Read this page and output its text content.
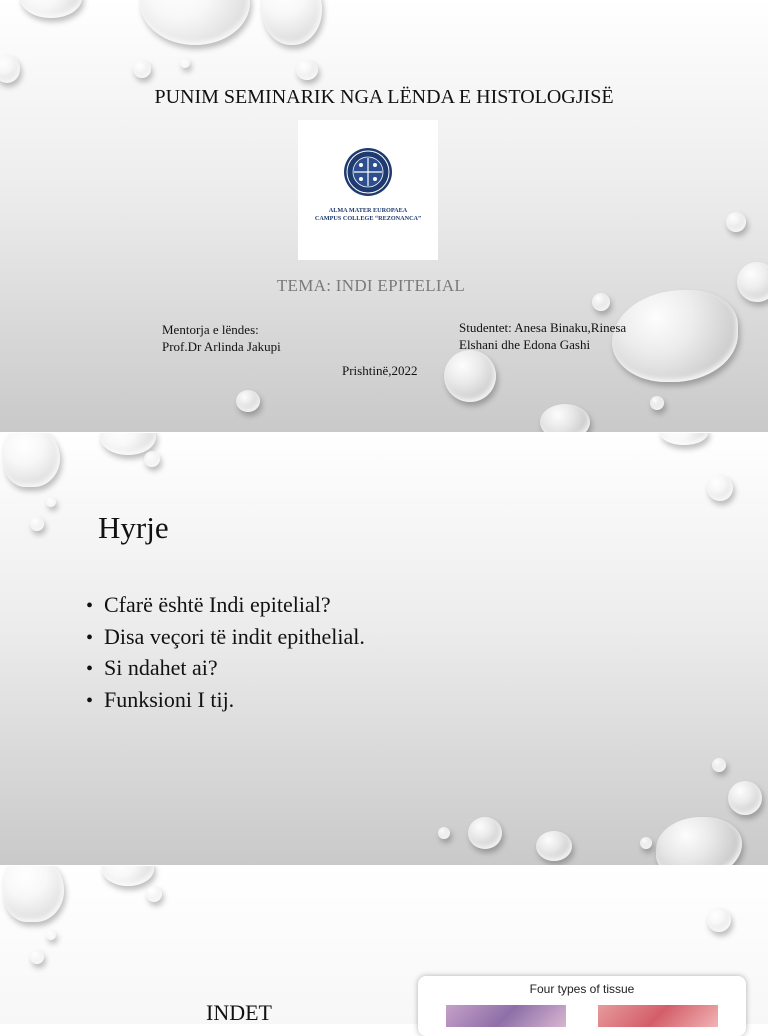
PUNIM SEMINARIK NGA LËNDA E HISTOLOGJISË
ALMA MATER EUROPAEA
CAMPUS COLLEGE “REZONANCA”
TEMA: INDI EPITELIAL
Mentorja e lëndes:
Prof.Dr Arlinda Jakupi
Studentet: Anesa Binaku,Rinesa
Elshani dhe Edona Gashi
Prishtinë,2022
Hyrje
• Cfarë është Indi epitelial?
• Disa veçori të indit epithelial.
• Si ndahet ai?
• Funksioni I tij.
INDET
Four types of tissue
